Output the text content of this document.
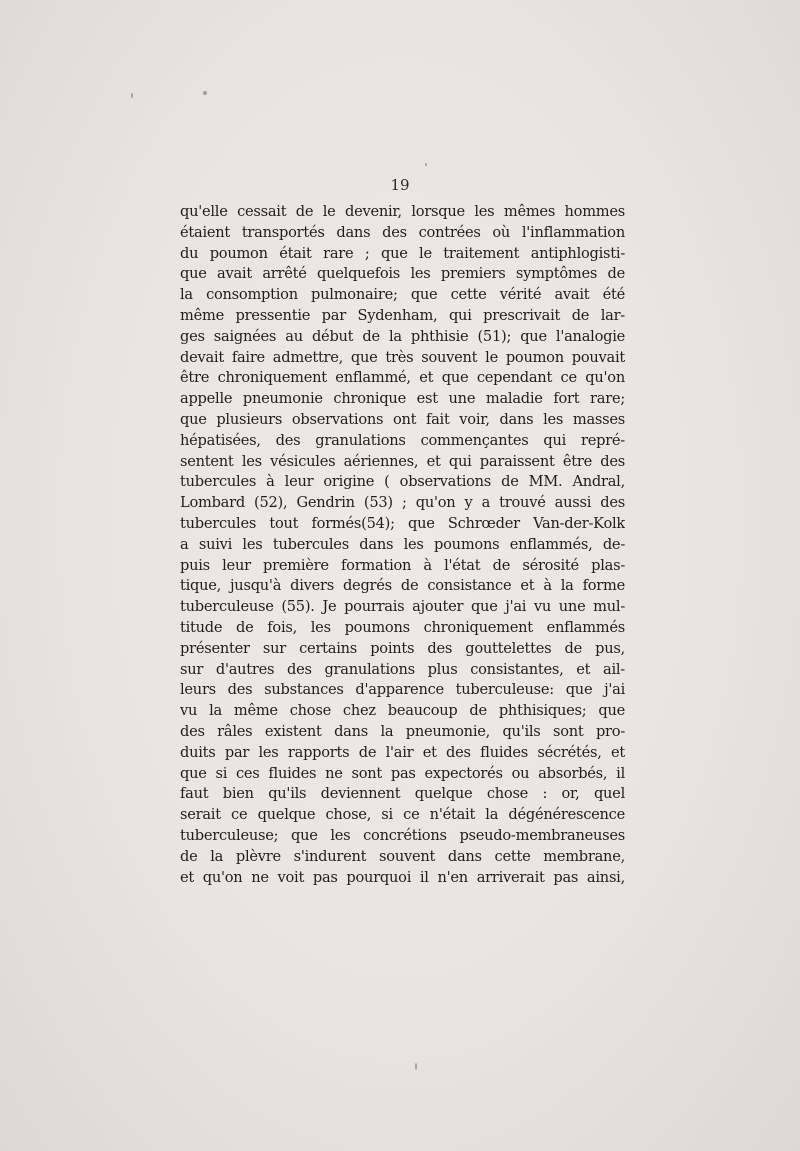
19
qu'elle cessait de le devenir, lorsque les mêmes hommes
étaient transportés dans des contrées où l'inflammation
du poumon était rare ; que le traitement antiphlogisti-
que avait arrêté quelquefois les premiers symptômes de
la consomption pulmonaire; que cette vérité avait été
même pressentie par Sydenham, qui prescrivait de lar-
ges saignées au début de la phthisie (51); que l'analogie
devait faire admettre, que très souvent le poumon pouvait
être chroniquement enflammé, et que cependant ce qu'on
appelle pneumonie chronique est une maladie fort rare;
que plusieurs observations ont fait voir, dans les masses
hépatisées, des granulations commençantes qui repré-
sentent les vésicules aériennes, et qui paraissent être des
tubercules à leur origine ( observations de MM. Andral,
Lombard (52), Gendrin (53) ; qu'on y a trouvé aussi des
tubercules tout formés(54); que Schrœder Van-der-Kolk
a suivi les tubercules dans les poumons enflammés, de-
puis leur première formation à l'état de sérosité plas-
tique, jusqu'à divers degrés de consistance et à la forme
tuberculeuse (55). Je pourrais ajouter que j'ai vu une mul-
titude de fois, les poumons chroniquement enflammés
présenter sur certains points des gouttelettes de pus,
sur d'autres des granulations plus consistantes, et ail-
leurs des substances d'apparence tuberculeuse: que j'ai
vu la même chose chez beaucoup de phthisiques; que
des râles existent dans la pneumonie, qu'ils sont pro-
duits par les rapports de l'air et des fluides sécrétés, et
que si ces fluides ne sont pas expectorés ou absorbés, il
faut bien qu'ils deviennent quelque chose : or, quel
serait ce quelque chose, si ce n'était la dégénérescence
tuberculeuse; que les concrétions pseudo-membraneuses
de la plèvre s'indurent souvent dans cette membrane,
et qu'on ne voit pas pourquoi il n'en arriverait pas ainsi,
